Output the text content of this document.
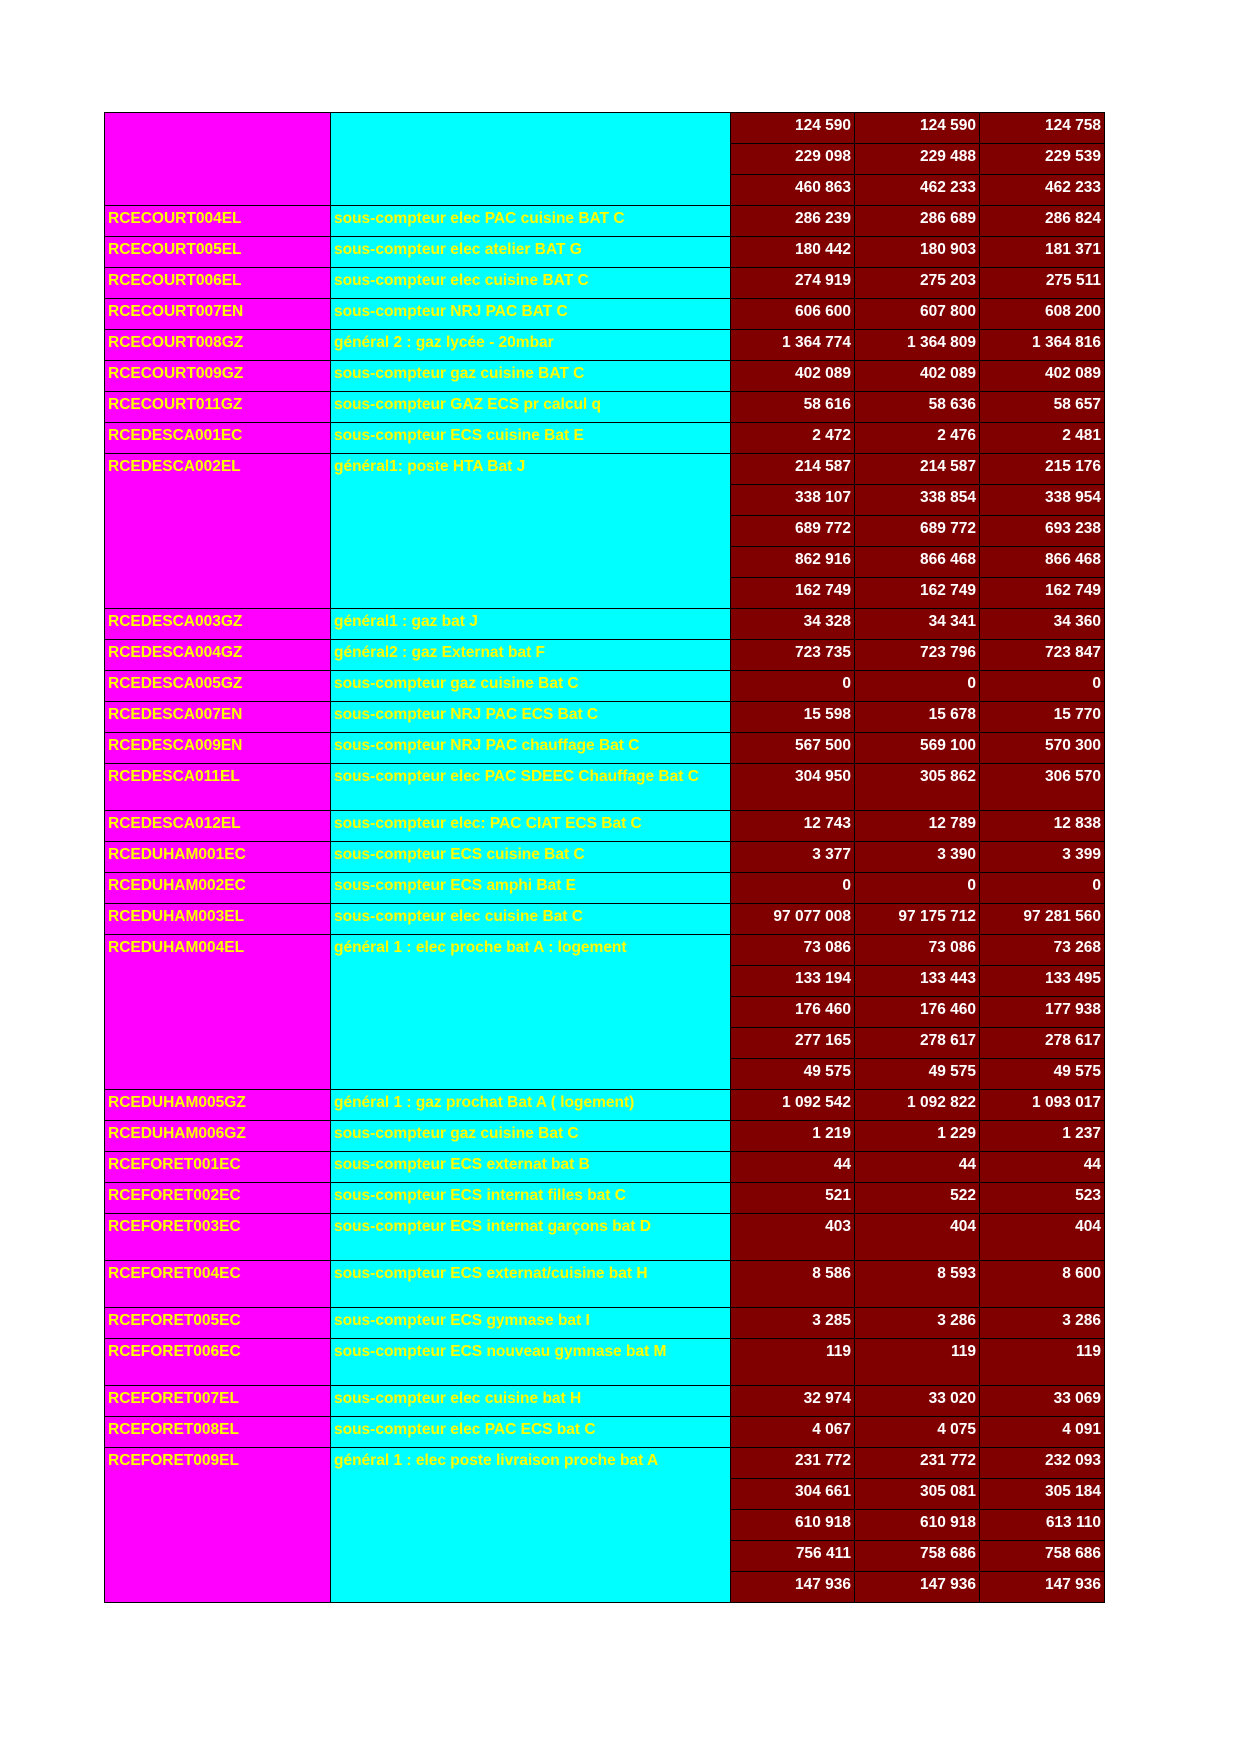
		124 590	124 590	124 758
		229 098	229 488	229 539
		460 863	462 233	462 233
RCECOURT004EL	sous-compteur elec PAC cuisine BAT C	286 239	286 689	286 824
RCECOURT005EL	sous-compteur elec atelier BAT G	180 442	180 903	181 371
RCECOURT006EL	sous-compteur elec cuisine BAT C	274 919	275 203	275 511
RCECOURT007EN	sous-compteur NRJ PAC BAT C	606 600	607 800	608 200
RCECOURT008GZ	général 2 : gaz lycée - 20mbar	1 364 774	1 364 809	1 364 816
RCECOURT009GZ	sous-compteur gaz cuisine BAT C	402 089	402 089	402 089
RCECOURT011GZ	sous-compteur GAZ ECS pr calcul q	58 616	58 636	58 657
RCEDESCA001EC	sous-compteur ECS cuisine Bat E	2 472	2 476	2 481
RCEDESCA002EL	général1: poste HTA Bat J	214 587	214 587	215 176
		338 107	338 854	338 954
		689 772	689 772	693 238
		862 916	866 468	866 468
		162 749	162 749	162 749
RCEDESCA003GZ	général1 : gaz bat J	34 328	34 341	34 360
RCEDESCA004GZ	général2 : gaz Externat bat F	723 735	723 796	723 847
RCEDESCA005GZ	sous-compteur gaz cuisine Bat C	0	0	0
RCEDESCA007EN	sous-compteur NRJ PAC ECS Bat C	15 598	15 678	15 770
RCEDESCA009EN	sous-compteur NRJ PAC chauffage Bat C	567 500	569 100	570 300
RCEDESCA011EL	sous-compteur elec PAC SDEEC Chauffage Bat C	304 950	305 862	306 570
RCEDESCA012EL	sous-compteur elec: PAC CIAT ECS Bat C	12 743	12 789	12 838
RCEDUHAM001EC	sous-compteur ECS cuisine Bat C	3 377	3 390	3 399
RCEDUHAM002EC	sous-compteur ECS amphi Bat E	0	0	0
RCEDUHAM003EL	sous-compteur elec cuisine Bat C	97 077 008	97 175 712	97 281 560
RCEDUHAM004EL	général 1 : elec proche bat A : logement	73 086	73 086	73 268
		133 194	133 443	133 495
		176 460	176 460	177 938
		277 165	278 617	278 617
		49 575	49 575	49 575
RCEDUHAM005GZ	général 1 : gaz prochat Bat A ( logement)	1 092 542	1 092 822	1 093 017
RCEDUHAM006GZ	sous-compteur gaz cuisine Bat C	1 219	1 229	1 237
RCEFORET001EC	sous-compteur ECS externat bat B	44	44	44
RCEFORET002EC	sous-compteur ECS internat filles bat C	521	522	523
RCEFORET003EC	sous-compteur ECS internat garçons bat D	403	404	404
RCEFORET004EC	sous-compteur ECS externat/cuisine bat H	8 586	8 593	8 600
RCEFORET005EC	sous-compteur ECS gymnase bat I	3 285	3 286	3 286
RCEFORET006EC	sous-compteur ECS nouveau gymnase bat M	119	119	119
RCEFORET007EL	sous-compteur elec cuisine bat H	32 974	33 020	33 069
RCEFORET008EL	sous-compteur elec PAC ECS bat C	4 067	4 075	4 091
RCEFORET009EL	général 1 : elec poste livraison proche bat A	231 772	231 772	232 093
		304 661	305 081	305 184
		610 918	610 918	613 110
		756 411	758 686	758 686
		147 936	147 936	147 936
